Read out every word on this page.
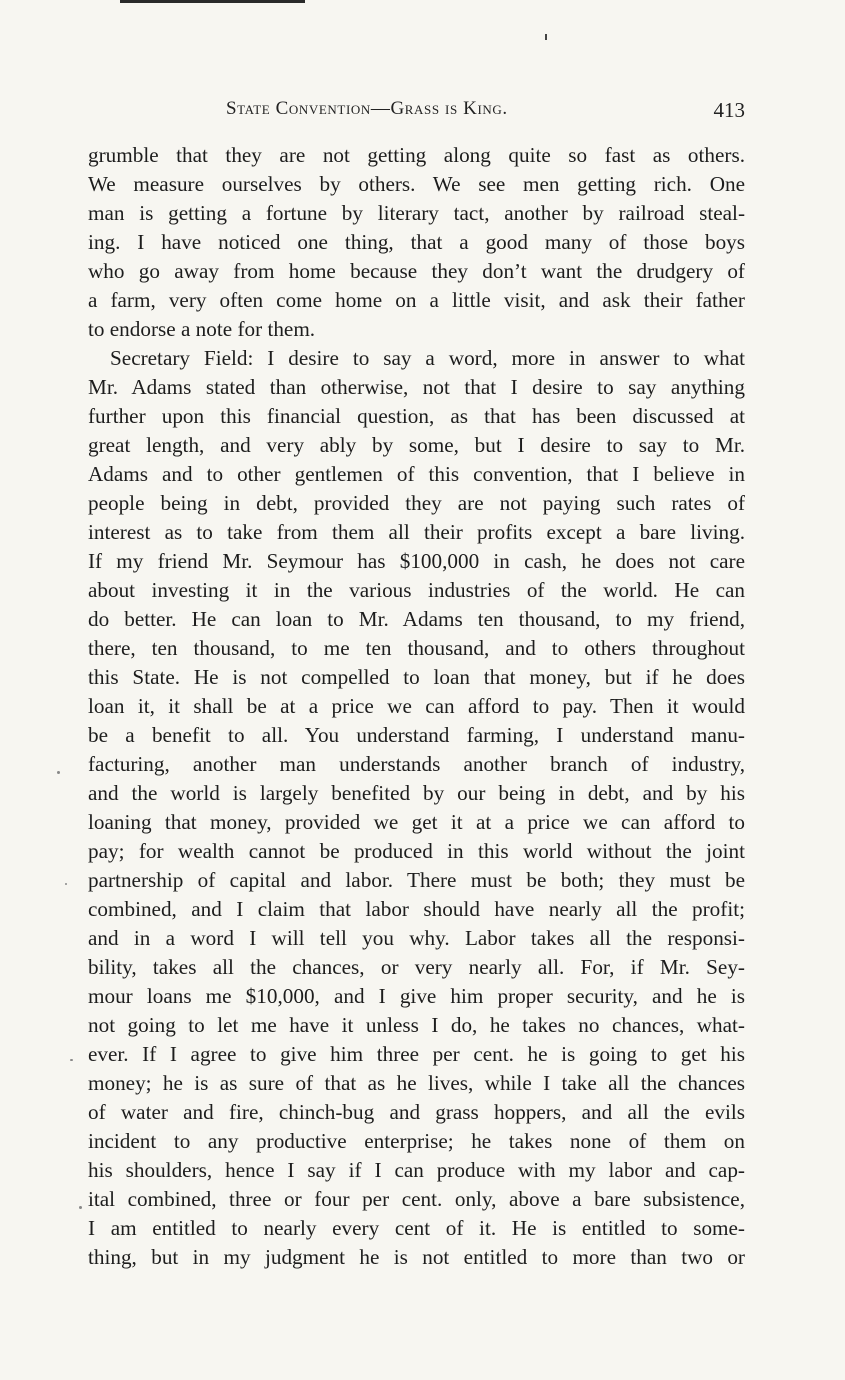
State Convention—Grass is King.	413
grumble that they are not getting along quite so fast as others.
We measure ourselves by others. We see men getting rich. One
man is getting a fortune by literary tact, another by railroad steal-
ing. I have noticed one thing, that a good many of those boys
who go away from home because they don’t want the drudgery of
a farm, very often come home on a little visit, and ask their father
to endorse a note for them.
Secretary Field: I desire to say a word, more in answer to what
Mr. Adams stated than otherwise, not that I desire to say anything
further upon this financial question, as that has been discussed at
great length, and very ably by some, but I desire to say to Mr.
Adams and to other gentlemen of this convention, that I believe in
people being in debt, provided they are not paying such rates of
interest as to take from them all their profits except a bare living.
If my friend Mr. Seymour has $100,000 in cash, he does not care
about investing it in the various industries of the world. He can
do better. He can loan to Mr. Adams ten thousand, to my friend,
there, ten thousand, to me ten thousand, and to others throughout
this State. He is not compelled to loan that money, but if he does
loan it, it shall be at a price we can afford to pay. Then it would
be a benefit to all. You understand farming, I understand manu-
facturing, another man understands another branch of industry,
and the world is largely benefited by our being in debt, and by his
loaning that money, provided we get it at a price we can afford to
pay; for wealth cannot be produced in this world without the joint
partnership of capital and labor. There must be both; they must be
combined, and I claim that labor should have nearly all the profit;
and in a word I will tell you why. Labor takes all the responsi-
bility, takes all the chances, or very nearly all. For, if Mr. Sey-
mour loans me $10,000, and I give him proper security, and he is
not going to let me have it unless I do, he takes no chances, what-
ever. If I agree to give him three per cent. he is going to get his
money; he is as sure of that as he lives, while I take all the chances
of water and fire, chinch-bug and grass hoppers, and all the evils
incident to any productive enterprise; he takes none of them on
his shoulders, hence I say if I can produce with my labor and cap-
ital combined, three or four per cent. only, above a bare subsistence,
I am entitled to nearly every cent of it. He is entitled to some-
thing, but in my judgment he is not entitled to more than two or
